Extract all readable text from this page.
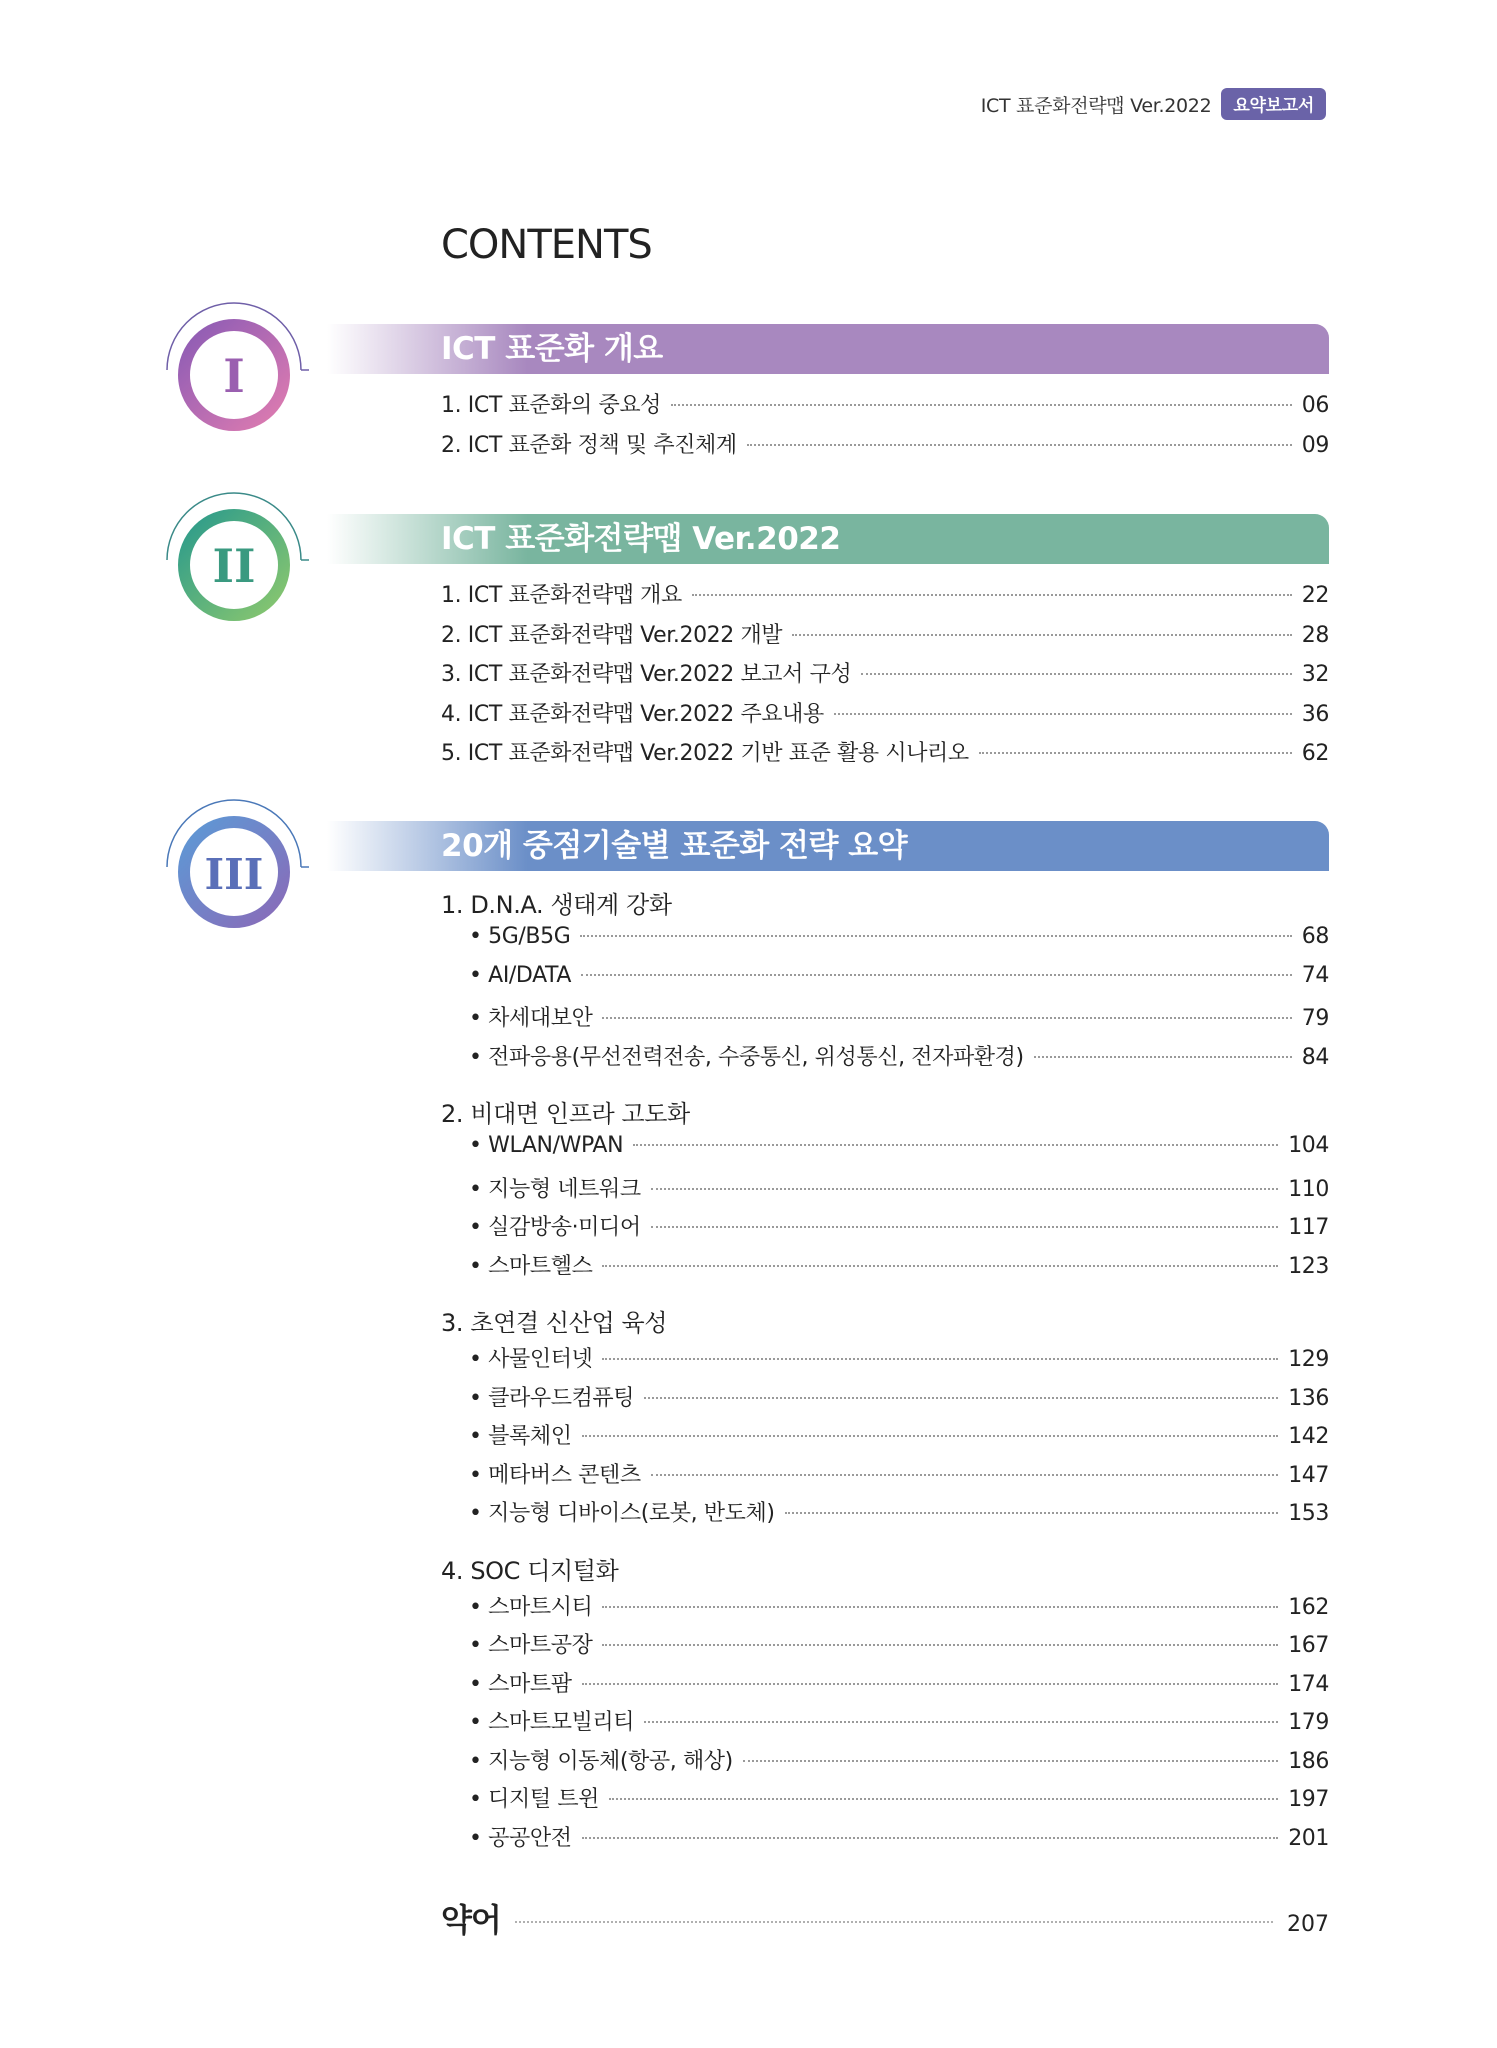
ICT 표준화전략맵 Ver.2022	요약보고서
CONTENTS
I	ICT 표준화 개요
1. ICT 표준화의 중요성	06
2. ICT 표준화 정책 및 추진체계	09
II	ICT 표준화전략맵 Ver.2022
1. ICT 표준화전략맵 개요	22
2. ICT 표준화전략맵 Ver.2022 개발	28
3. ICT 표준화전략맵 Ver.2022 보고서 구성	32
4. ICT 표준화전략맵 Ver.2022 주요내용	36
5. ICT 표준화전략맵 Ver.2022 기반 표준 활용 시나리오	62
III
20개 중점기술별 표준화 전략 요약
1. D.N.A. 생태계 강화
• 5G/B5G	68
• AI/DATA	74
• 차세대보안	79
• 전파응용(무선전력전송, 수중통신, 위성통신, 전자파환경)	84
2. 비대면 인프라 고도화
• WLAN/WPAN	104
• 지능형 네트워크	110
• 실감방송·미디어	117
• 스마트헬스	123
3. 초연결 신산업 육성
• 사물인터넷	129
• 클라우드컴퓨팅	136
• 블록체인	142
• 메타버스 콘텐츠	147
• 지능형 디바이스(로봇, 반도체)	153
4. SOC 디지털화
• 스마트시티	162
• 스마트공장	167
• 스마트팜	174
• 스마트모빌리티	179
• 지능형 이동체(항공, 해상)	186
• 디지털 트윈	197
• 공공안전	201
약어	207
